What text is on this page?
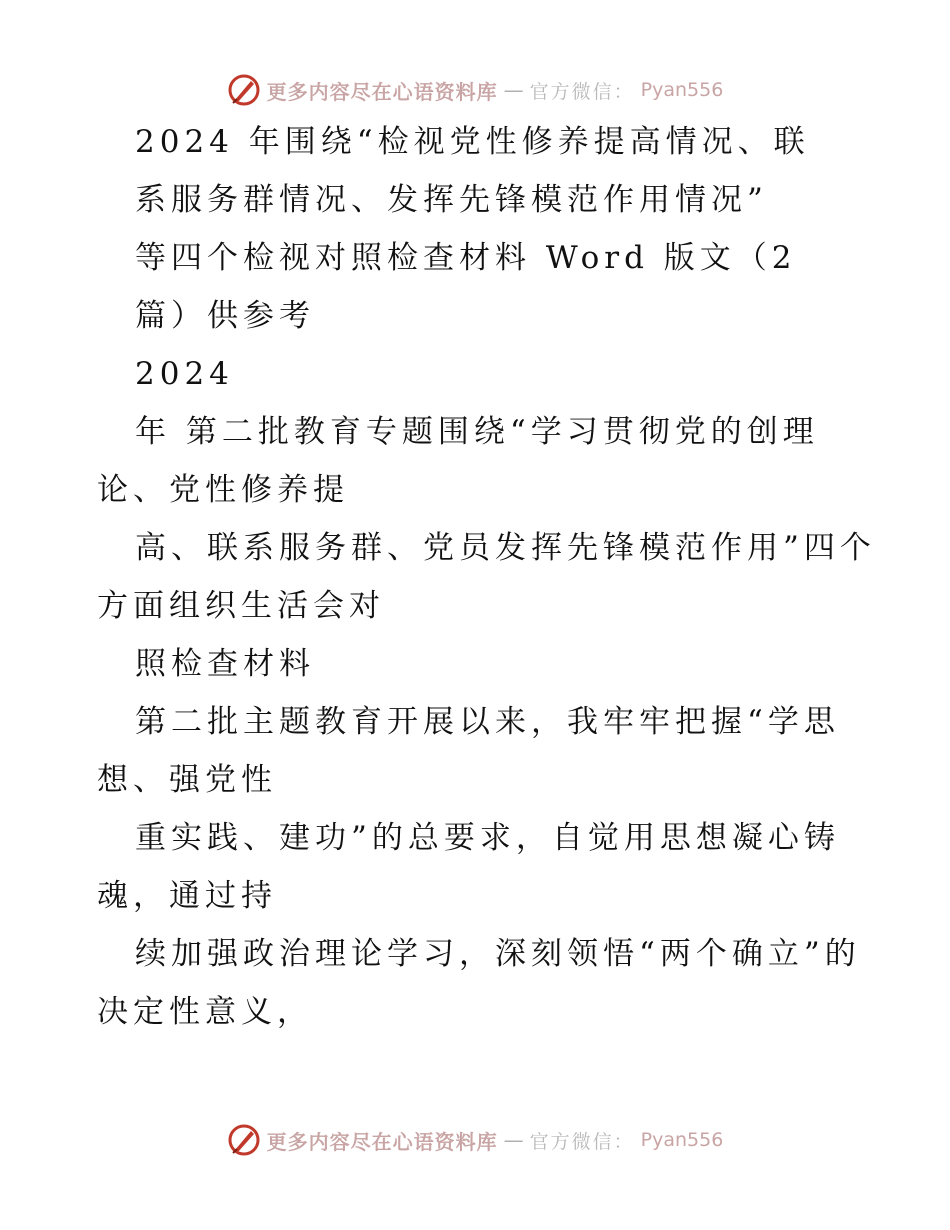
更多内容尽在心语资料库 — 官方微信： Pyan556
2024 年围绕“检视党性修养提高情况、联
系服务群情况、发挥先锋模范作用情况”
等四个检视对照检查材料 Word 版文（2
篇）供参考
2024
年 第二批教育专题围绕“学习贯彻党的创理
论、党性修养提
高、联系服务群、党员发挥先锋模范作用”四个
方面组织生活会对
照检查材料
第二批主题教育开展以来，我牢牢把握“学思
想、强党性
重实践、建功”的总要求，自觉用思想凝心铸
魂，通过持
续加强政治理论学习，深刻领悟“两个确立”的
决定性意义，
更多内容尽在心语资料库 — 官方微信： Pyan556
